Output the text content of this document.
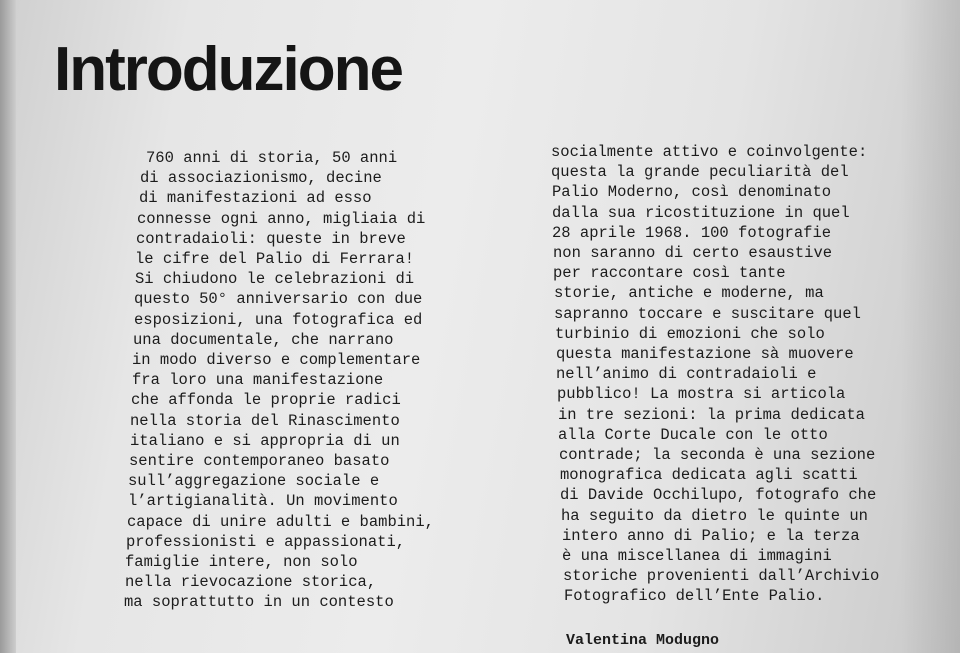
Introduzione
760 anni di storia, 50 anni
di associazionismo, decine
di manifestazioni ad esso
connesse ogni anno, migliaia di
contradaioli: queste in breve
le cifre del Palio di Ferrara!
Si chiudono le celebrazioni di
questo 50° anniversario con due
esposizioni, una fotografica ed
una documentale, che narrano
in modo diverso e complementare
fra loro una manifestazione
che affonda le proprie radici
nella storia del Rinascimento
italiano e si appropria di un
sentire contemporaneo basato
sull’aggregazione sociale e
l’artigianalità. Un movimento
capace di unire adulti e bambini,
professionisti e appassionati,
famiglie intere, non solo
nella rievocazione storica,
ma soprattutto in un contesto
socialmente attivo e coinvolgente:
questa la grande peculiarità del
Palio Moderno, così denominato
dalla sua ricostituzione in quel
28 aprile 1968. 100 fotografie
non saranno di certo esaustive
per raccontare così tante
storie, antiche e moderne, ma
sapranno toccare e suscitare quel
turbinio di emozioni che solo
questa manifestazione sà muovere
nell’animo di contradaioli e
pubblico! La mostra si articola
in tre sezioni: la prima dedicata
alla Corte Ducale con le otto
contrade; la seconda è una sezione
monografica dedicata agli scatti
di Davide Occhilupo, fotografo che
ha seguito da dietro le quinte un
intero anno di Palio; e la terza
è una miscellanea di immagini
storiche provenienti dall’Archivio
Fotografico dell’Ente Palio.
Valentina Modugno
